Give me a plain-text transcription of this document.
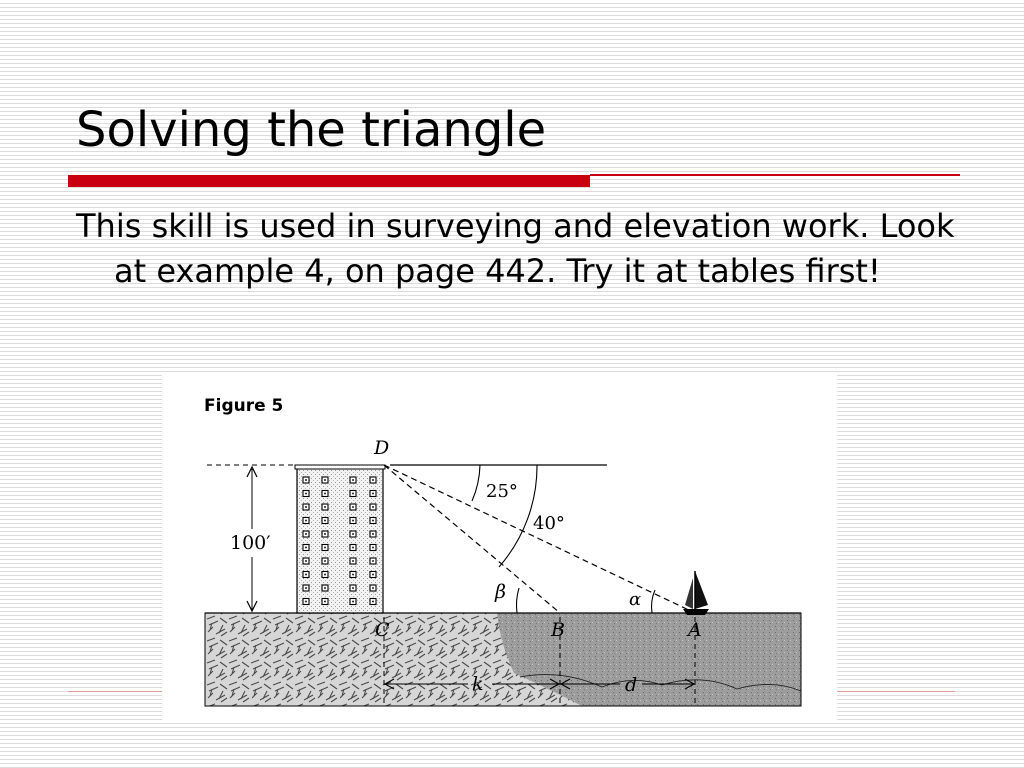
Solving the triangle

This skill is used in surveying and elevation work. Look at example 4, on page 442. Try it at tables first!

Figure 5
100′
D
C	B	A
25°
40°
β	α
k	d
